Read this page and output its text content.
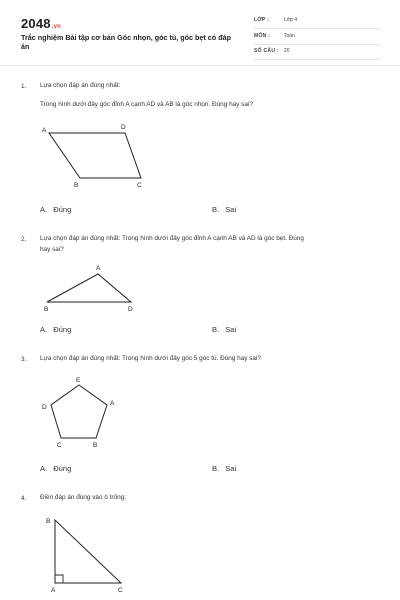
2048.vn
Trắc nghiệm Bài tập cơ bản Góc nhọn, góc tù, góc bẹt có đáp án
LỚP :	Lớp 4
MÔN :	Toán
SỐ CÂU : 20
1. Lựa chọn đáp án đúng nhất:
Trong hình dưới đây góc đỉnh A cạnh AD và AB là góc nhọn. Đúng hay sai?
A	D
B	C
A
B	D
E
A
D
C	B
B
A	C
A. Đúng	B. Sai
2. Lựa chọn đáp án đúng nhất: Trong hình dưới đây góc đỉnh A cạnh AB và AD là góc bẹt. Đúng
hay sai?
A. Đúng	B. Sai
3. Lựa chọn đáp án đúng nhất: Trong hình dưới đây góc 5 góc tù. Đúng hay sai?
A. Đúng	B. Sai
4. Điền đáp án đúng vào ô trống:
